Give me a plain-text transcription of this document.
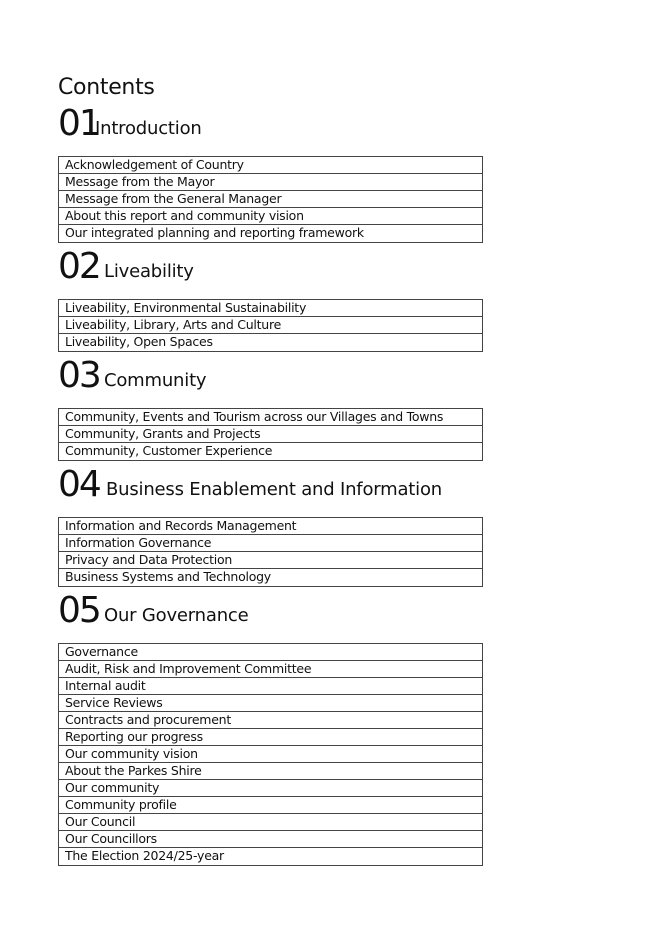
Contents
01
Introduction
Acknowledgement of Country
Message from the Mayor
Message from the General Manager
About this report and community vision
Our integrated planning and reporting framework
02 Liveability
Liveability, Environmental Sustainability
Liveability, Library, Arts and Culture
Liveability, Open Spaces
03 Community
Community, Events and Tourism across our Villages and Towns
Community, Grants and Projects
Community, Customer Experience
04 Business Enablement and Information
Information and Records Management
Information Governance
Privacy and Data Protection
Business Systems and Technology
05 Our Governance
Governance
Audit, Risk and Improvement Committee
Internal audit
Service Reviews
Contracts and procurement
Reporting our progress
Our community vision
About the Parkes Shire
Our community
Community profile
Our Council
Our Councillors
The Election 2024/25-year
